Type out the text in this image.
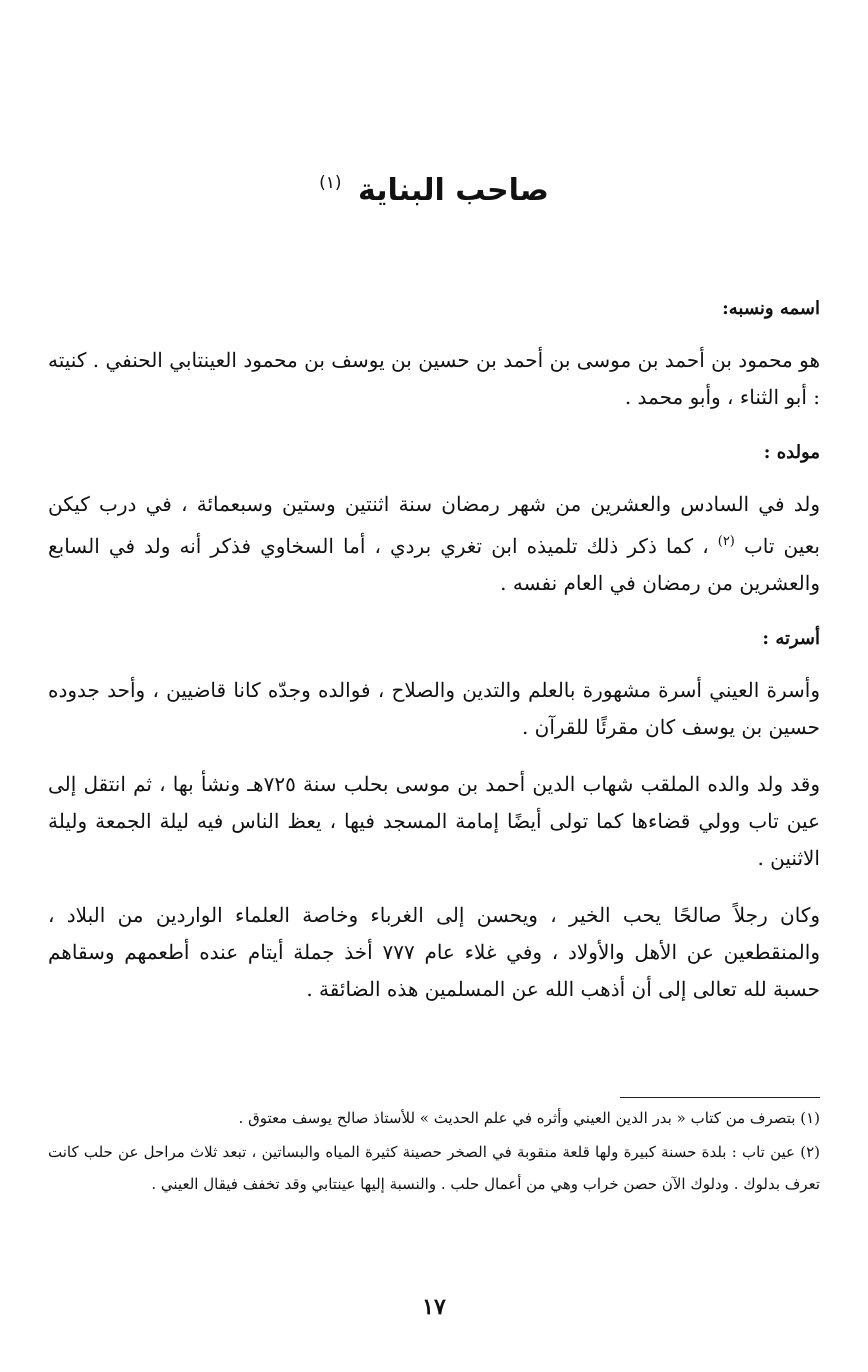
صاحب البناية $^{(١)}$
اسمه ونسبه:

هو محمود بن أحمد بن موسى بن أحمد بن حسين بن يوسف بن محمود العينتابي الحنفي . كنيته : أبو الثناء ، وأبو محمد .

مولده :

ولد في السادس والعشرين من شهر رمضان سنة اثنتين وستين وسبعمائة ، في درب كيكن بعين تاب $^{(٢)}$ ، كما ذكر ذلك تلميذه ابن تغري بردي ، أما السخاوي فذكر أنه ولد في السابع والعشرين من رمضان في العام نفسه .

أسرته :

وأسرة العيني أسرة مشهورة بالعلم والتدين والصلاح ، فوالده وجدّه كانا قاضيين ، وأحد جدوده حسين بن يوسف كان مقرئًا للقرآن .

وقد ولد والده الملقب شهاب الدين أحمد بن موسى بحلب سنة ٧٢٥هـ ونشأ بها ، ثم انتقل إلى عين تاب وولي قضاءها كما تولى أيضًا إمامة المسجد فيها ، يعظ الناس فيه ليلة الجمعة وليلة الاثنين .

وكان رجلاً صالحًا يحب الخير ، ويحسن إلى الغرباء وخاصة العلماء الواردين من البلاد ، والمنقطعين عن الأهل والأولاد ، وفي غلاء عام ٧٧٧ أخذ جملة أيتام عنده أطعمهم وسقاهم حسبة لله تعالى إلى أن أذهب الله عن المسلمين هذه الضائقة .

(١) بتصرف من كتاب « بدر الدين العيني وأثره في علم الحديث » للأستاذ صالح يوسف معتوق .

(٢) عين تاب : بلدة حسنة كبيرة ولها قلعة منقوبة في الصخر حصينة كثيرة المياه والبساتين ، تبعد ثلاث مراحل عن حلب كانت تعرف بدلوك . ودلوك الآن حصن خراب وهي من أعمال حلب . والنسبة إليها عينتابي وقد تخفف فيقال العيني .

١٧
